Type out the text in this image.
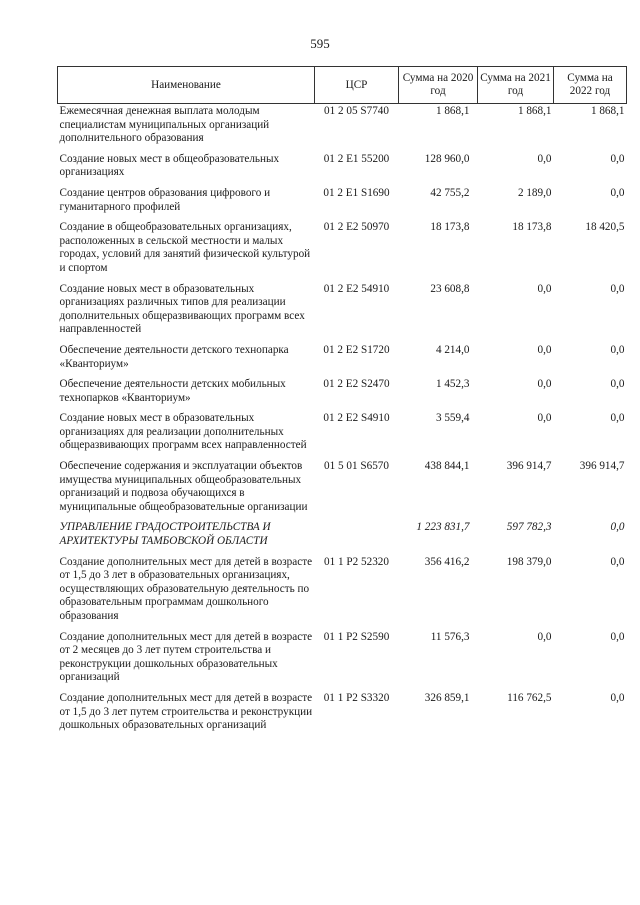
595
Наименование	ЦСР	Сумма на 2020 год	Сумма на 2021 год	Сумма на 2022 год
Ежемесячная денежная выплата молодым специалистам муниципальных организаций дополнительного образования	01 2 05 S7740	1 868,1	1 868,1	1 868,1
Создание новых мест в общеобразовательных организациях	01 2 E1 55200	128 960,0	0,0	0,0
Создание центров образования цифрового и гуманитарного профилей	01 2 E1 S1690	42 755,2	2 189,0	0,0
Создание в общеобразовательных организациях, расположенных в сельской местности и малых городах, условий для занятий физической культурой и спортом	01 2 E2 50970	18 173,8	18 173,8	18 420,5
Создание новых мест в образовательных организациях различных типов для реализации дополнительных общеразвивающих программ всех направленностей	01 2 E2 54910	23 608,8	0,0	0,0
Обеспечение деятельности детского технопарка «Кванториум»	01 2 E2 S1720	4 214,0	0,0	0,0
Обеспечение деятельности детских мобильных технопарков «Кванториум»	01 2 E2 S2470	1 452,3	0,0	0,0
Создание новых мест в образовательных организациях для реализации дополнительных общеразвивающих программ всех направленностей	01 2 E2 S4910	3 559,4	0,0	0,0
Обеспечение содержания и эксплуатации объектов имущества муниципальных общеобразовательных организаций и подвоза обучающихся в муниципальные общеобразовательные организации	01 5 01 S6570	438 844,1	396 914,7	396 914,7
УПРАВЛЕНИЕ ГРАДОСТРОИТЕЛЬСТВА И АРХИТЕКТУРЫ ТАМБОВСКОЙ ОБЛАСТИ		1 223 831,7	597 782,3	0,0
Создание дополнительных мест для детей в возрасте от 1,5 до 3 лет в образовательных организациях, осуществляющих образовательную деятельность по образовательным программам дошкольного образования	01 1 P2 52320	356 416,2	198 379,0	0,0
Создание дополнительных мест для детей в возрасте от 2 месяцев до 3 лет путем строительства и реконструкции дошкольных образовательных организаций	01 1 P2 S2590	11 576,3	0,0	0,0
Создание дополнительных мест для детей в возрасте от 1,5 до 3 лет путем строительства и реконструкции дошкольных образовательных организаций	01 1 P2 S3320	326 859,1	116 762,5	0,0
